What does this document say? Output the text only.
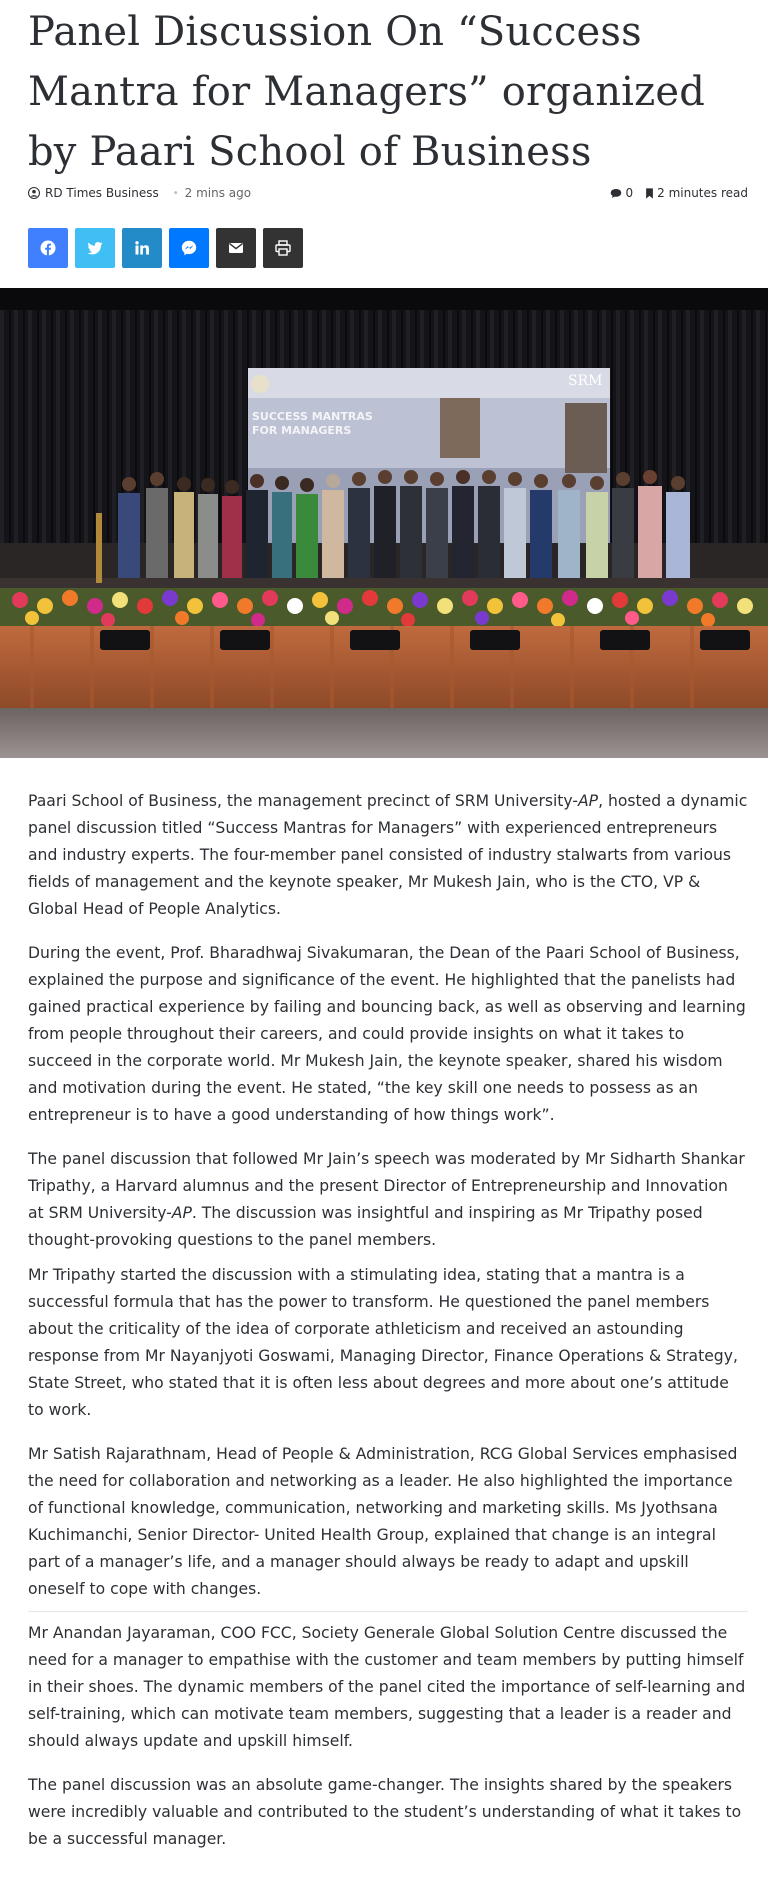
Panel Discussion On “Success Mantra for Managers” organized by Paari School of Business
RD Times Business • 2 mins ago	0 2 minutes read
SUCCESS MANTRAS
FOR MANAGERS
SRM

Paari School of Business, the management precinct of SRM University-AP, hosted a dynamic panel discussion titled “Success Mantras for Managers” with experienced entrepreneurs and industry experts. The four-member panel consisted of industry stalwarts from various fields of management and the keynote speaker, Mr Mukesh Jain, who is the CTO, VP & Global Head of People Analytics.

During the event, Prof. Bharadhwaj Sivakumaran, the Dean of the Paari School of Business, explained the purpose and significance of the event. He highlighted that the panelists had gained practical experience by failing and bouncing back, as well as observing and learning from people throughout their careers, and could provide insights on what it takes to succeed in the corporate world. Mr Mukesh Jain, the keynote speaker, shared his wisdom and motivation during the event. He stated, “the key skill one needs to possess as an entrepreneur is to have a good understanding of how things work”.

The panel discussion that followed Mr Jain’s speech was moderated by Mr Sidharth Shankar Tripathy, a Harvard alumnus and the present Director of Entrepreneurship and Innovation at SRM University-AP. The discussion was insightful and inspiring as Mr Tripathy posed thought-provoking questions to the panel members.

Mr Tripathy started the discussion with a stimulating idea, stating that a mantra is a successful formula that has the power to transform. He questioned the panel members about the criticality of the idea of corporate athleticism and received an astounding response from Mr Nayanjyoti Goswami, Managing Director, Finance Operations & Strategy, State Street, who stated that it is often less about degrees and more about one’s attitude to work.

Mr Satish Rajarathnam, Head of People & Administration, RCG Global Services emphasised the need for collaboration and networking as a leader. He also highlighted the importance of functional knowledge, communication, networking and marketing skills. Ms Jyothsana Kuchimanchi, Senior Director- United Health Group, explained that change is an integral part of a manager’s life, and a manager should always be ready to adapt and upskill oneself to cope with changes.

Mr Anandan Jayaraman, COO FCC, Society Generale Global Solution Centre discussed the need for a manager to empathise with the customer and team members by putting himself in their shoes. The dynamic members of the panel cited the importance of self-learning and self-training, which can motivate team members, suggesting that a leader is a reader and should always update and upskill himself.

The panel discussion was an absolute game-changer. The insights shared by the speakers were incredibly valuable and contributed to the student’s understanding of what it takes to be a successful manager.
